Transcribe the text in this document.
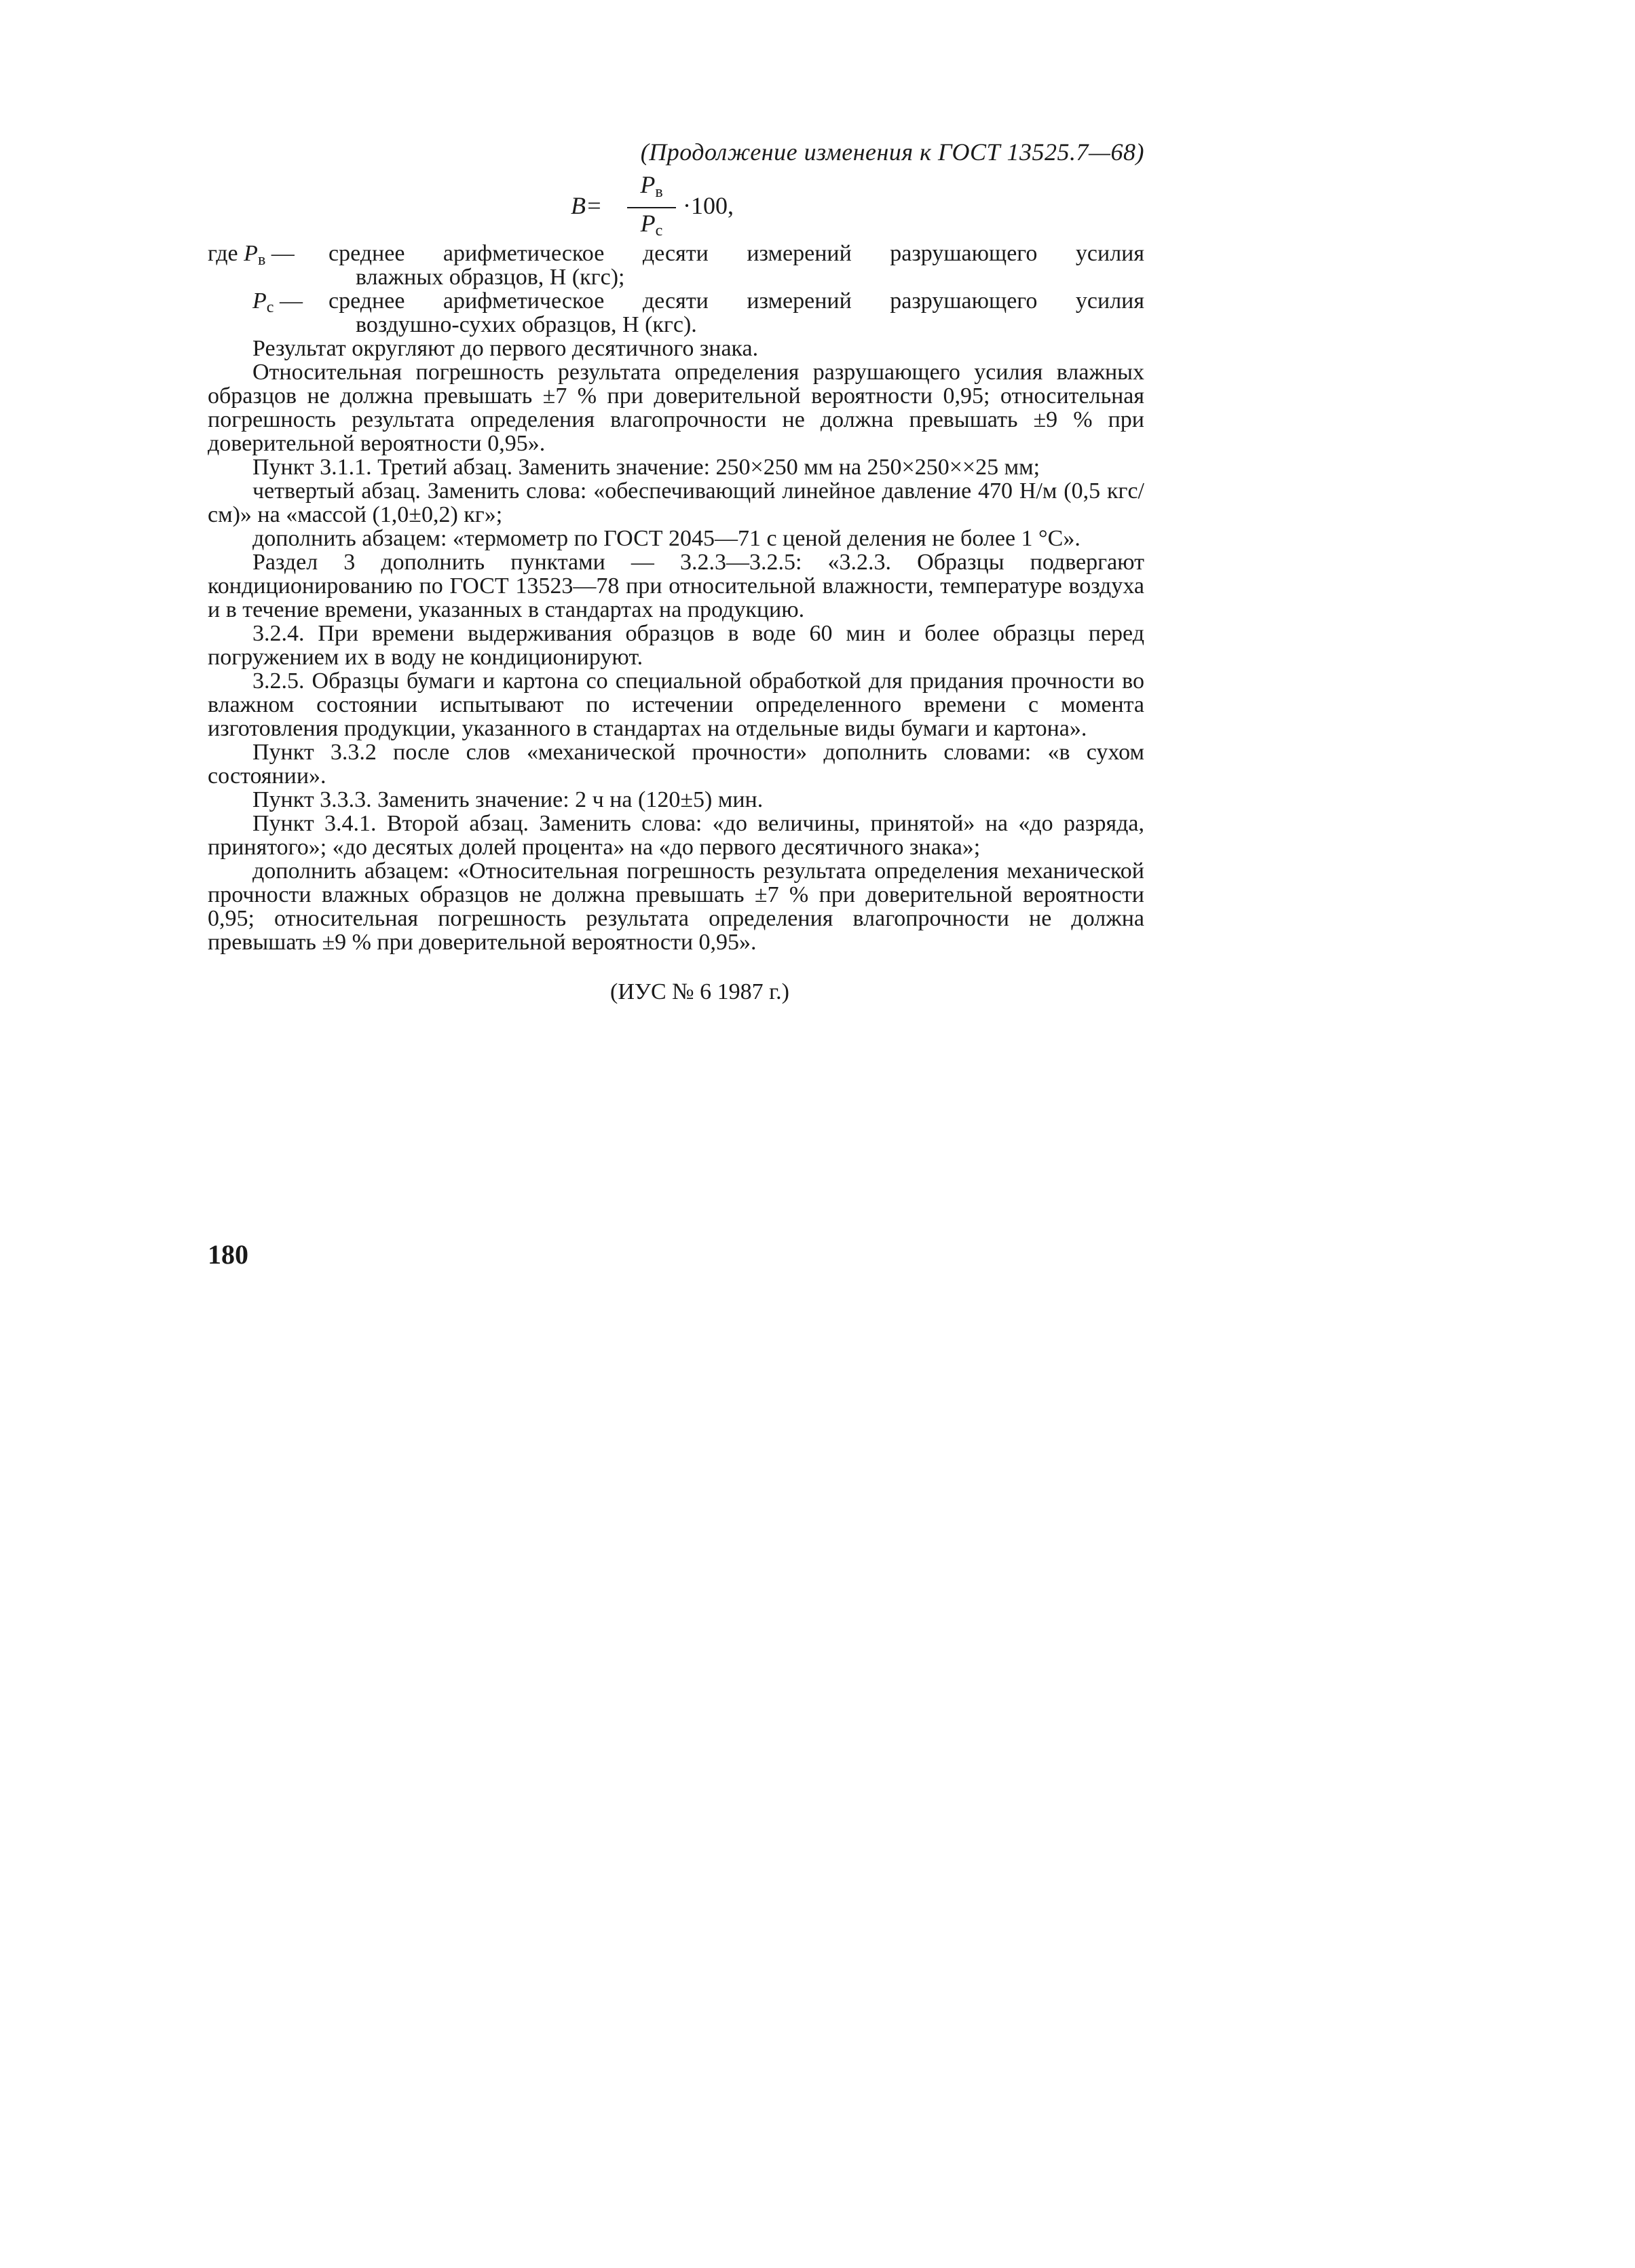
(Продолжение изменения к ГОСТ 13525.7—68)
B=
$P_в$
$P_с$
·100,
где $P_в$ —	среднее арифметическое десяти измерений разрушающего усилия
влажных образцов, Н (кгс);
$P_с$ —	среднее арифметическое десяти измерений разрушающего усилия
воздушно-сухих образцов, Н (кгс).

Результат округляют до первого десятичного знака.

Относительная погрешность результата определения разрушающего усилия влажных образцов не должна превышать ±7 % при доверительной вероятности 0,95; относительная погрешность результата определения влагопрочности не должна превышать ±9 % при доверительной вероятности 0,95».

Пункт 3.1.1. Третий абзац. Заменить значение: 250×250 мм на 250×250××25 мм;

четвертый абзац. Заменить слова: «обеспечивающий линейное давление 470 Н/м (0,5 кгс/см)» на «массой (1,0±0,2) кг»;

дополнить абзацем: «термометр по ГОСТ 2045—71 с ценой деления не более 1 °С».

Раздел 3 дополнить пунктами — 3.2.3—3.2.5: «3.2.3. Образцы подвергают кондиционированию по ГОСТ 13523—78 при относительной влажности, температуре воздуха и в течение времени, указанных в стандартах на продукцию.

3.2.4. При времени выдерживания образцов в воде 60 мин и более образцы перед погружением их в воду не кондиционируют.

3.2.5. Образцы бумаги и картона со специальной обработкой для придания прочности во влажном состоянии испытывают по истечении определенного времени с момента изготовления продукции, указанного в стандартах на отдельные виды бумаги и картона».

Пункт 3.3.2 после слов «механической прочности» дополнить словами: «в сухом состоянии».

Пункт 3.3.3. Заменить значение: 2 ч на (120±5) мин.

Пункт 3.4.1. Второй абзац. Заменить слова: «до величины, принятой» на «до разряда, принятого»; «до десятых долей процента» на «до первого десятичного знака»;

дополнить абзацем: «Относительная погрешность результата определения механической прочности влажных образцов не должна превышать ±7 % при доверительной вероятности 0,95; относительная погрешность результата определения влагопрочности не должна превышать ±9 % при доверительной вероятности 0,95».

(ИУС № 6 1987 г.)
180
